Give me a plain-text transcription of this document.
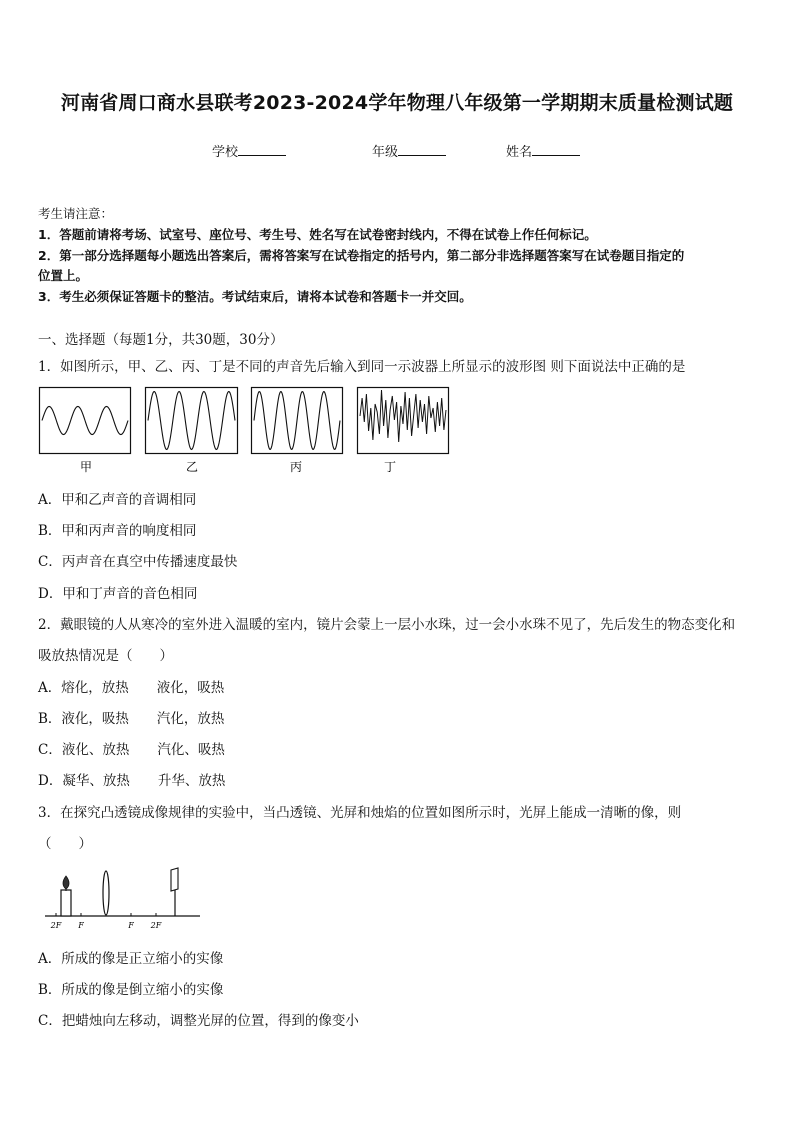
河南省周口商水县联考2023-2024学年物理八年级第一学期期末质量检测试题
学校	年级	姓名
考生请注意：
1．答题前请将考场、试室号、座位号、考生号、姓名写在试卷密封线内，不得在试卷上作任何标记。
2．第一部分选择题每小题选出答案后，需将答案写在试卷指定的括号内，第二部分非选择题答案写在试卷题目指定的
位置上。
3．考生必须保证答题卡的整洁。考试结束后，请将本试卷和答题卡一并交回。
一、选择题（每题1分，共30题，30分）
1．如图所示，甲、乙、丙、丁是不同的声音先后输入到同一示波器上所显示的波形图 则下面说法中正确的是
甲	乙	丙	丁
A．甲和乙声音的音调相同
B．甲和丙声音的响度相同
C．丙声音在真空中传播速度最快
D．甲和丁声音的音色相同
2．戴眼镜的人从寒冷的室外进入温暖的室内，镜片会蒙上一层小水珠，过一会小水珠不见了，先后发生的物态变化和
吸放热情况是（　　）
A．熔化，放热 液化，吸热
B．液化，吸热 汽化，放热
C．液化、放热 汽化、吸热
D．凝华、放热 升华、放热
3．在探究凸透镜成像规律的实验中，当凸透镜、光屏和烛焰的位置如图所示时，光屏上能成一清晰的像，则
（　　）
2F F	F 2F
A．所成的像是正立缩小的实像
B．所成的像是倒立缩小的实像
C．把蜡烛向左移动，调整光屏的位置，得到的像变小
